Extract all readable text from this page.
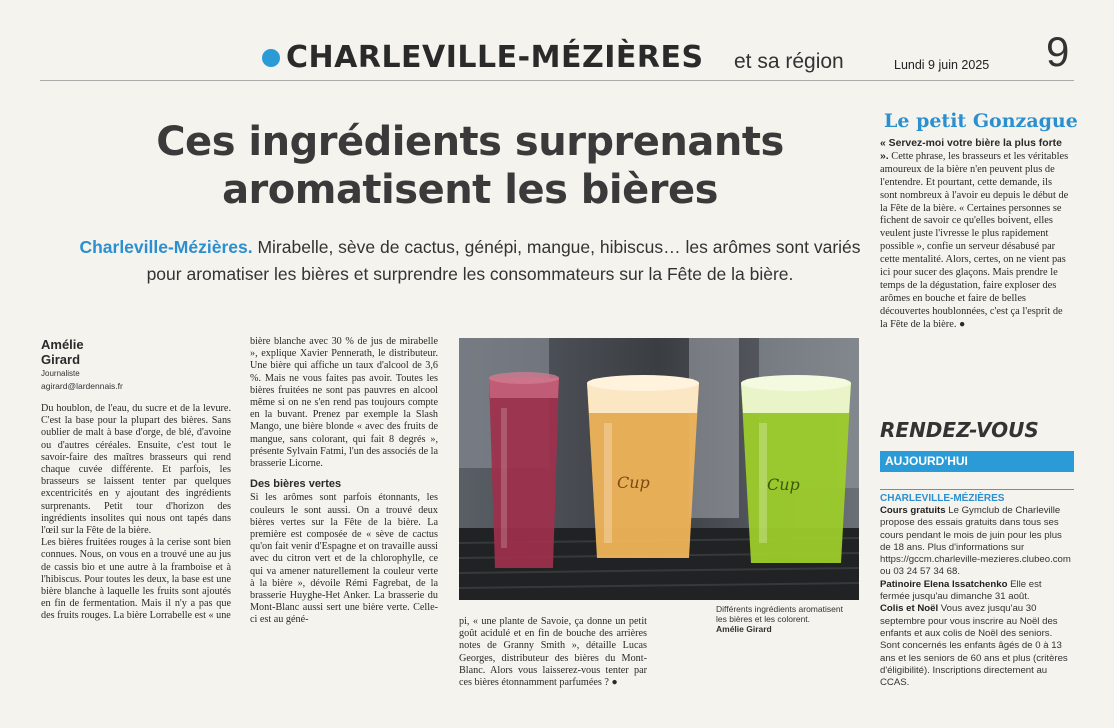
CHARLEVILLE-MÉZIÈRES et sa région	Lundi 9 juin 2025 9
Ces ingrédients surprenants
aromatisent les bières
Charleville-Mézières. Mirabelle, sève de cactus, génépi, mangue, hibiscus… les arômes sont variés pour aromatiser les bières et surprendre les consommateurs sur la Fête de la bière.
Amélie
Girard
Journaliste
agirard@lardennais.fr

Du houblon, de l'eau, du sucre et de la levure. C'est la base pour la plupart des bières. Sans oublier de malt à base d'orge, de blé, d'avoine ou d'autres céréales. Ensuite, c'est tout le savoir-faire des maîtres brasseurs qui rend chaque cuvée différente. Et parfois, les brasseurs se laissent tenter par quelques excentricités en y ajoutant des ingrédients surprenants. Petit tour d'horizon des ingrédients insolites qui nous ont tapés dans l'œil sur la Fête de la bière.

Les bières fruitées rouges à la cerise sont bien connues. Nous, on vous en a trouvé une au jus de cassis bio et une autre à la framboise et à l'hibiscus. Pour toutes les deux, la base est une bière blanche à laquelle les fruits sont ajoutés en fin de fermentation. Mais il n'y a pas que des fruits rouges. La bière Lorrabelle est « une

bière blanche avec 30 % de jus de mirabelle », explique Xavier Pennerath, le distributeur. Une bière qui affiche un taux d'alcool de 3,6 %. Mais ne vous faites pas avoir. Toutes les bières fruitées ne sont pas pauvres en alcool même si on ne s'en rend pas toujours compte en la buvant. Prenez par exemple la Slash Mango, une bière blonde « avec des fruits de mangue, sans colorant, qui fait 8 degrés », présente Sylvain Fatmi, l'un des associés de la brasserie Licorne.

Des bières vertes

Si les arômes sont parfois étonnants, les couleurs le sont aussi. On a trouvé deux bières vertes sur la Fête de la bière. La première est composée de « sève de cactus qu'on fait venir d'Espagne et on travaille aussi avec du citron vert et de la chlorophylle, ce qui va amener naturellement la couleur verte à la bière », dévoile Rémi Fagrebat, de la brasserie Huyghe-Het Anker. La brasserie du Mont-Blanc aussi sert une bière verte. Celle-ci est au géné-

Cup	Cup
Différents ingrédients aromatisent les bières et les colorent.
Amélie Girard

pi, « une plante de Savoie, ça donne un petit goût acidulé et en fin de bouche des arrières notes de Granny Smith », détaille Lucas Georges, distributeur des bières du Mont-Blanc. Alors vous laisserez-vous tenter par ces bières étonnamment parfumées ? ●

Le petit Gonzague
« Servez-moi votre bière la plus forte ». Cette phrase, les brasseurs et les véritables amoureux de la bière n'en peuvent plus de l'entendre. Et pourtant, cette demande, ils sont nombreux à l'avoir eu depuis le début de la Fête de la bière. « Certaines personnes se fichent de savoir ce qu'elles boivent, elles veulent juste l'ivresse le plus rapidement possible », confie un serveur désabusé par cette mentalité. Alors, certes, on ne vient pas ici pour sucer des glaçons. Mais prendre le temps de la dégustation, faire exploser des arômes en bouche et faire de belles découvertes houblonnées, c'est ça l'esprit de la Fête de la bière. ●
RENDEZ-VOUS
AUJOURD'HUI
CHARLEVILLE-MÉZIÈRES

Cours gratuits Le Gymclub de Charleville propose des essais gratuits dans tous ses cours pendant le mois de juin pour les plus de 18 ans. Plus d'informations sur https://gccm.charleville-mezieres.clubeo.com ou 03 24 57 34 68.

Patinoire Elena Issatchenko Elle est fermée jusqu'au dimanche 31 août.

Colis et Noël Vous avez jusqu'au 30 septembre pour vous inscrire au Noël des enfants et aux colis de Noël des seniors. Sont concernés les enfants âgés de 0 à 13 ans et les seniors de 60 ans et plus (critères d'éligibilité). Inscriptions directement au CCAS.
